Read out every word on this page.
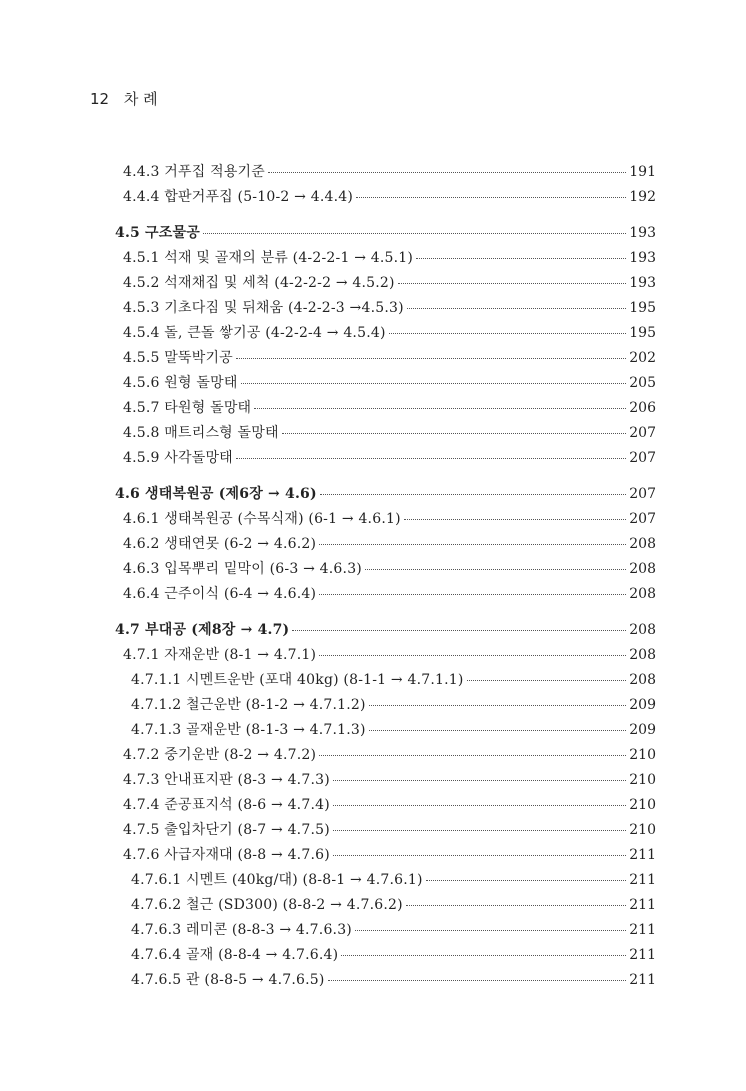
12 차 례
4.4.3 거푸집 적용기준	191
4.4.4 합판거푸집 (5-10-2 → 4.4.4)	192
4.5 구조물공	193
4.5.1 석재 및 골재의 분류 (4-2-2-1 → 4.5.1)	193
4.5.2 석재채집 및 세척 (4-2-2-2 → 4.5.2)	193
4.5.3 기초다짐 및 뒤채움 (4-2-2-3 →4.5.3)	195
4.5.4 돌, 큰돌 쌓기공 (4-2-2-4 → 4.5.4)	195
4.5.5 말뚝박기공	202
4.5.6 원형 돌망태	205
4.5.7 타원형 돌망태	206
4.5.8 매트리스형 돌망태	207
4.5.9 사각돌망태	207
4.6 생태복원공 (제6장 → 4.6)	207
4.6.1 생태복원공 (수목식재) (6-1 → 4.6.1)	207
4.6.2 생태연못 (6-2 → 4.6.2)	208
4.6.3 입목뿌리 밑막이 (6-3 → 4.6.3)	208
4.6.4 근주이식 (6-4 → 4.6.4)	208
4.7 부대공 (제8장 → 4.7)	208
4.7.1 자재운반 (8-1 → 4.7.1)	208
4.7.1.1 시멘트운반 (포대 40kg) (8-1-1 → 4.7.1.1)	208
4.7.1.2 철근운반 (8-1-2 → 4.7.1.2)	209
4.7.1.3 골재운반 (8-1-3 → 4.7.1.3)	209
4.7.2 중기운반 (8-2 → 4.7.2)	210
4.7.3 안내표지판 (8-3 → 4.7.3)	210
4.7.4 준공표지석 (8-6 → 4.7.4)	210
4.7.5 출입차단기 (8-7 → 4.7.5)	210
4.7.6 사급자재대 (8-8 → 4.7.6)	211
4.7.6.1 시멘트 (40kg/대) (8-8-1 → 4.7.6.1)	211
4.7.6.2 철근 (SD300) (8-8-2 → 4.7.6.2)	211
4.7.6.3 레미콘 (8-8-3 → 4.7.6.3)	211
4.7.6.4 골재 (8-8-4 → 4.7.6.4)	211
4.7.6.5 관 (8-8-5 → 4.7.6.5)	211
